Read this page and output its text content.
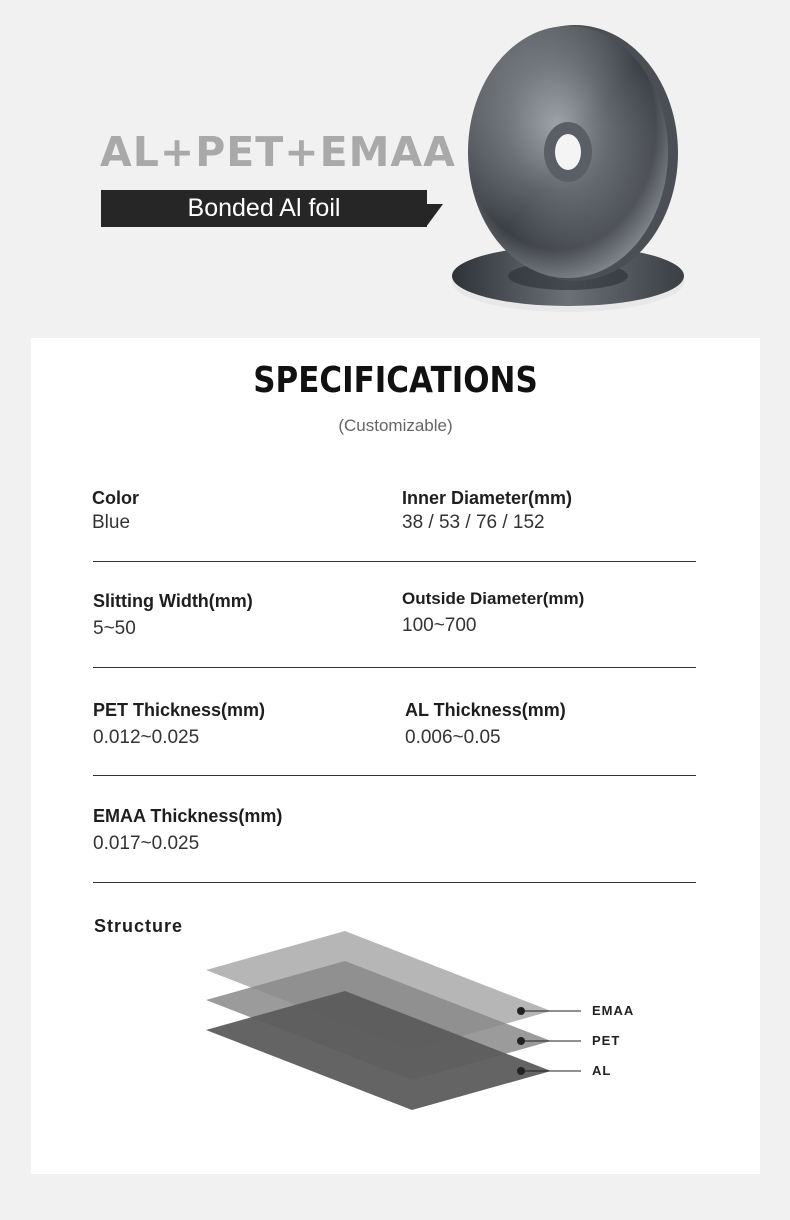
AL+PET+EMAA
Bonded Al foil
SPECIFICATIONS
(Customizable)
Color
Blue
Inner Diameter(mm)
38 / 53 / 76 / 152
Slitting Width(mm)
5~50
Outside Diameter(mm)
100~700
PET Thickness(mm)
0.012~0.025
AL Thickness(mm)
0.006~0.05
EMAA Thickness(mm)
0.017~0.025
Structure
EMAA
PET
AL
